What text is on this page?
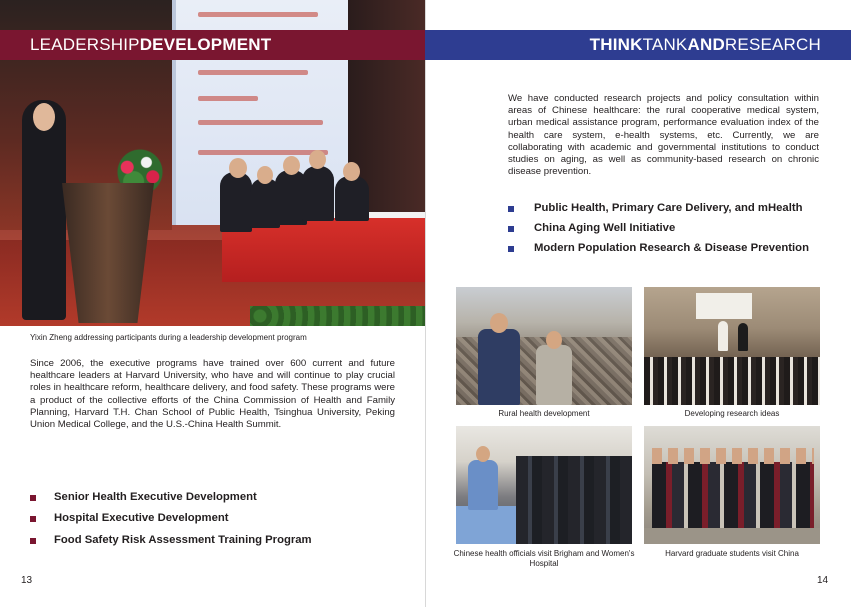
LEADERSHIP DEVELOPMENT
Yixin Zheng addressing participants during a leadership development program

Since 2006, the executive programs have trained over 600 current and future healthcare leaders at Harvard University, who have and will continue to play crucial roles in healthcare reform, healthcare delivery, and food safety. These programs were a product of the collective efforts of the China Commission of Health and Family Planning, Harvard T.H. Chan School of Public Health, Tsinghua University, Peking Union Medical College, and the U.S.-China Health Summit.

Senior Health Executive Development
Hospital Executive Development
Food Safety Risk Assessment Training Program
13
THINK TANK AND RESEARCH

We have conducted research projects and policy consultation within areas of Chinese healthcare: the rural cooperative medical system, urban medical assistance program, performance evaluation index of the health care system, e-health systems, etc. Currently, we are collaborating with academic and governmental institutions to conduct studies on aging, as well as community-based research on chronic disease prevention.

Public Health, Primary Care Delivery, and mHealth
China Aging Well Initiative
Modern Population Research & Disease Prevention
Rural health development	Developing research ideas
Chinese health officials visit Brigham and Women's Hospital
Harvard graduate students visit China
14
